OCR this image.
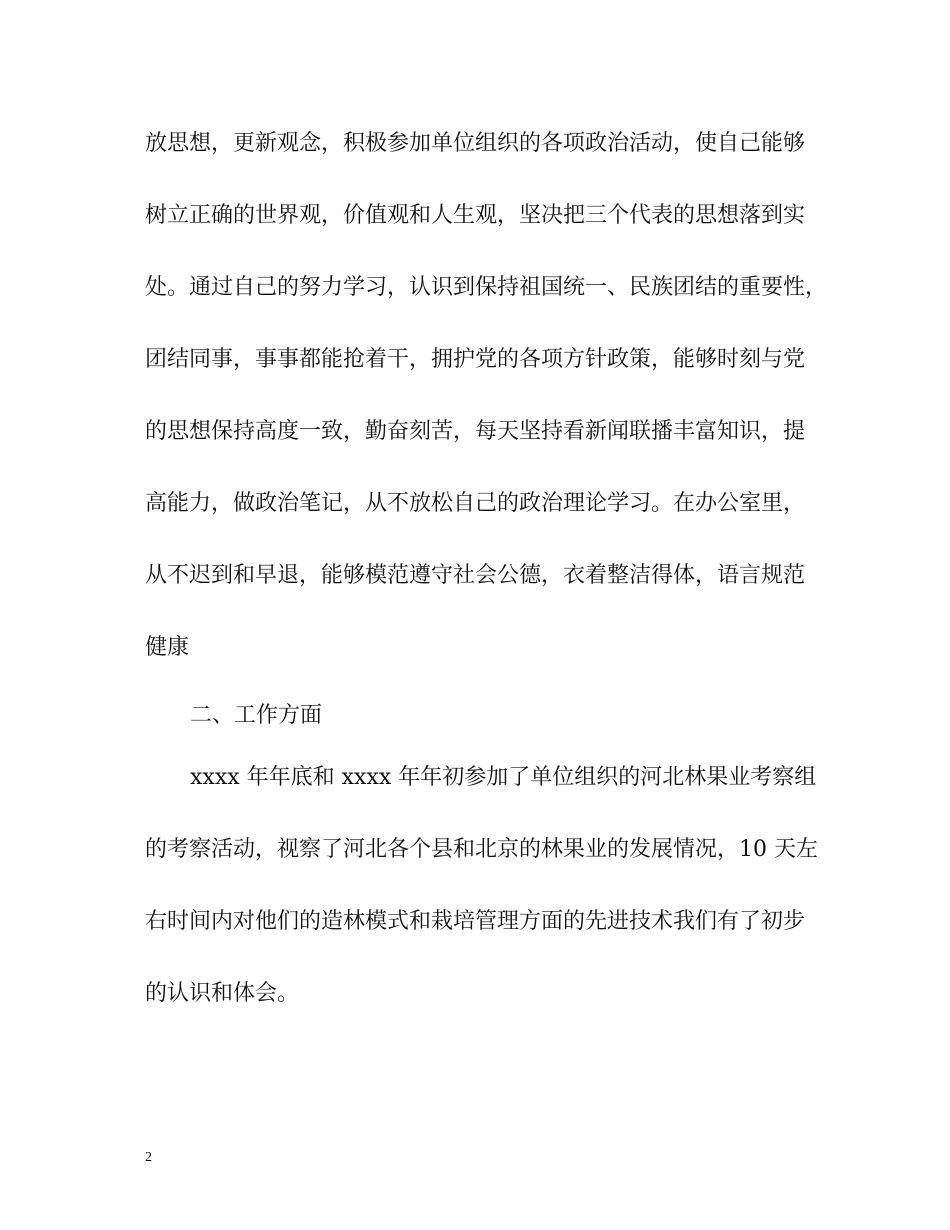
放思想，更新观念，积极参加单位组织的各项政治活动，使自己能够
树立正确的世界观，价值观和人生观，坚决把三个代表的思想落到实
处。通过自己的努力学习，认识到保持祖国统一、民族团结的重要性，
团结同事，事事都能抢着干，拥护党的各项方针政策，能够时刻与党
的思想保持高度一致，勤奋刻苦，每天坚持看新闻联播丰富知识，提
高能力，做政治笔记，从不放松自己的政治理论学习。在办公室里，
从不迟到和早退，能够模范遵守社会公德，衣着整洁得体，语言规范
健康
二、工作方面
xxxx 年年底和 xxxx 年年初参加了单位组织的河北林果业考察组
的考察活动，视察了河北各个县和北京的林果业的发展情况，10 天左
右时间内对他们的造林模式和栽培管理方面的先进技术我们有了初步
的认识和体会。
2
